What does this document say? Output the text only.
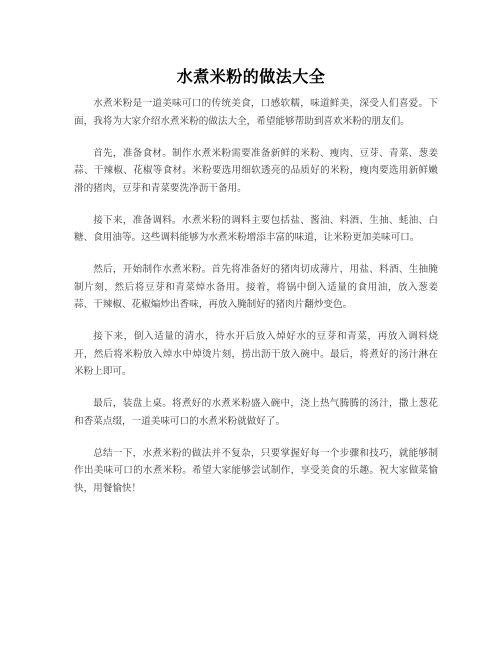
水煮米粉的做法大全

水煮米粉是一道美味可口的传统美食，口感软糯，味道鲜美，深受人们喜爱。下面，我将为大家介绍水煮米粉的做法大全，希望能够帮助到喜欢米粉的朋友们。

首先，准备食材。制作水煮米粉需要准备新鲜的米粉、瘦肉、豆芽、青菜、葱姜蒜、干辣椒、花椒等食材。米粉要选用细软透亮的品质好的米粉，瘦肉要选用新鲜嫩滑的猪肉，豆芽和青菜要洗净沥干备用。

接下来，准备调料。水煮米粉的调料主要包括盐、酱油、料酒、生抽、蚝油、白糖、食用油等。这些调料能够为水煮米粉增添丰富的味道，让米粉更加美味可口。

然后，开始制作水煮米粉。首先将准备好的猪肉切成薄片，用盐、料酒、生抽腌制片刻，然后将豆芽和青菜焯水备用。接着，将锅中倒入适量的食用油，放入葱姜蒜、干辣椒、花椒煸炒出香味，再放入腌制好的猪肉片翻炒变色。

接下来，倒入适量的清水，待水开后放入焯好水的豆芽和青菜，再放入调料烧开，然后将米粉放入焯水中焯烫片刻，捞出沥干放入碗中。最后，将煮好的汤汁淋在米粉上即可。

最后，装盘上桌。将煮好的水煮米粉盛入碗中，浇上热气腾腾的汤汁，撒上葱花和香菜点缀，一道美味可口的水煮米粉就做好了。

总结一下，水煮米粉的做法并不复杂，只要掌握好每一个步骤和技巧，就能够制作出美味可口的水煮米粉。希望大家能够尝试制作，享受美食的乐趣。祝大家做菜愉快，用餐愉快！
